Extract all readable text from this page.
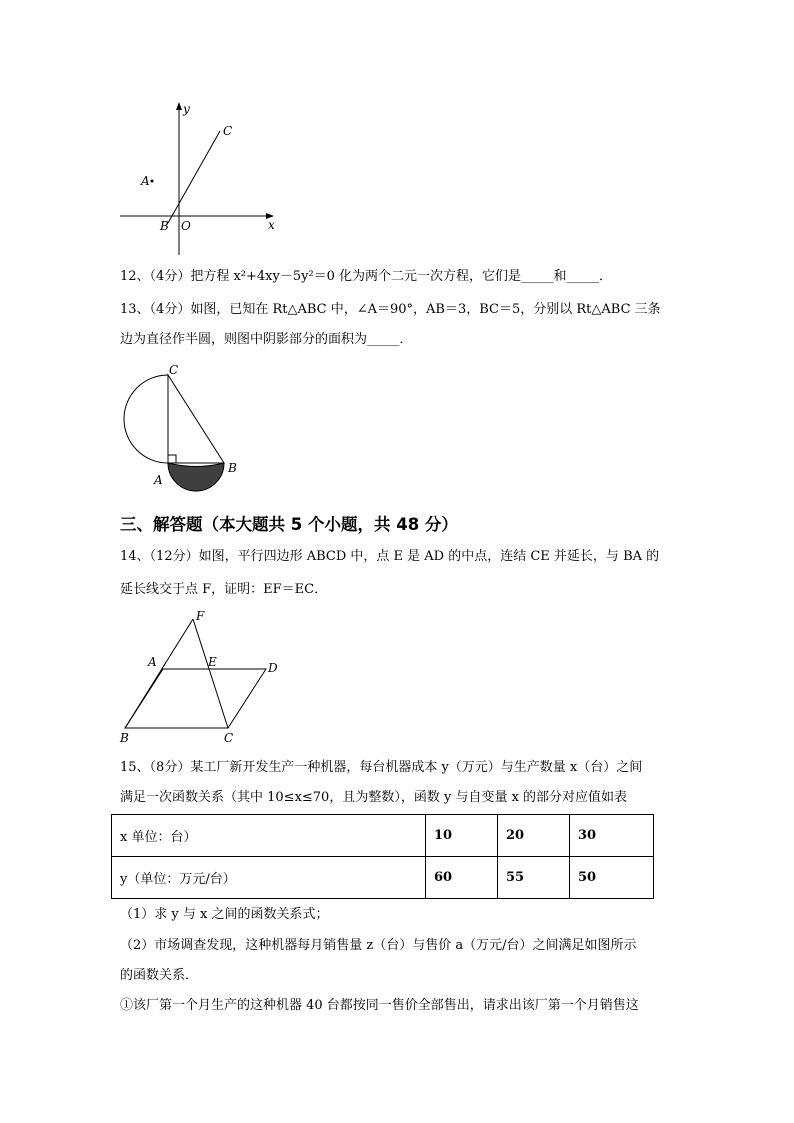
y
x
C
A
B O
12、（4分）把方程 x²+4xy－5y²＝0 化为两个二元一次方程，它们是_____和_____．
13、（4分）如图，已知在 Rt△ABC 中，∠A＝90°，AB＝3，BC＝5，分别以 Rt△ABC 三条
边为直径作半圆，则图中阴影部分的面积为_____．
C
A
B
三、解答题（本大题共 5 个小题，共 48 分）
14、（12分）如图，平行四边形 ABCD 中，点 E 是 AD 的中点，连结 CE 并延长，与 BA 的
延长线交于点 F，证明：EF＝EC．
F
A	E	D
B	C
15、（8分）某工厂新开发生产一种机器，每台机器成本 y（万元）与生产数量 x（台）之间
满足一次函数关系（其中 10≤x≤70，且为整数），函数 y 与自变量 x 的部分对应值如表
x 单位：台）	10	20	30
y（单位：万元/台）	60	55	50
（1）求 y 与 x 之间的函数关系式；
（2）市场调查发现，这种机器每月销售量 z（台）与售价 a（万元/台）之间满足如图所示
的函数关系．
①该厂第一个月生产的这种机器 40 台都按同一售价全部售出，请求出该厂第一个月销售这
